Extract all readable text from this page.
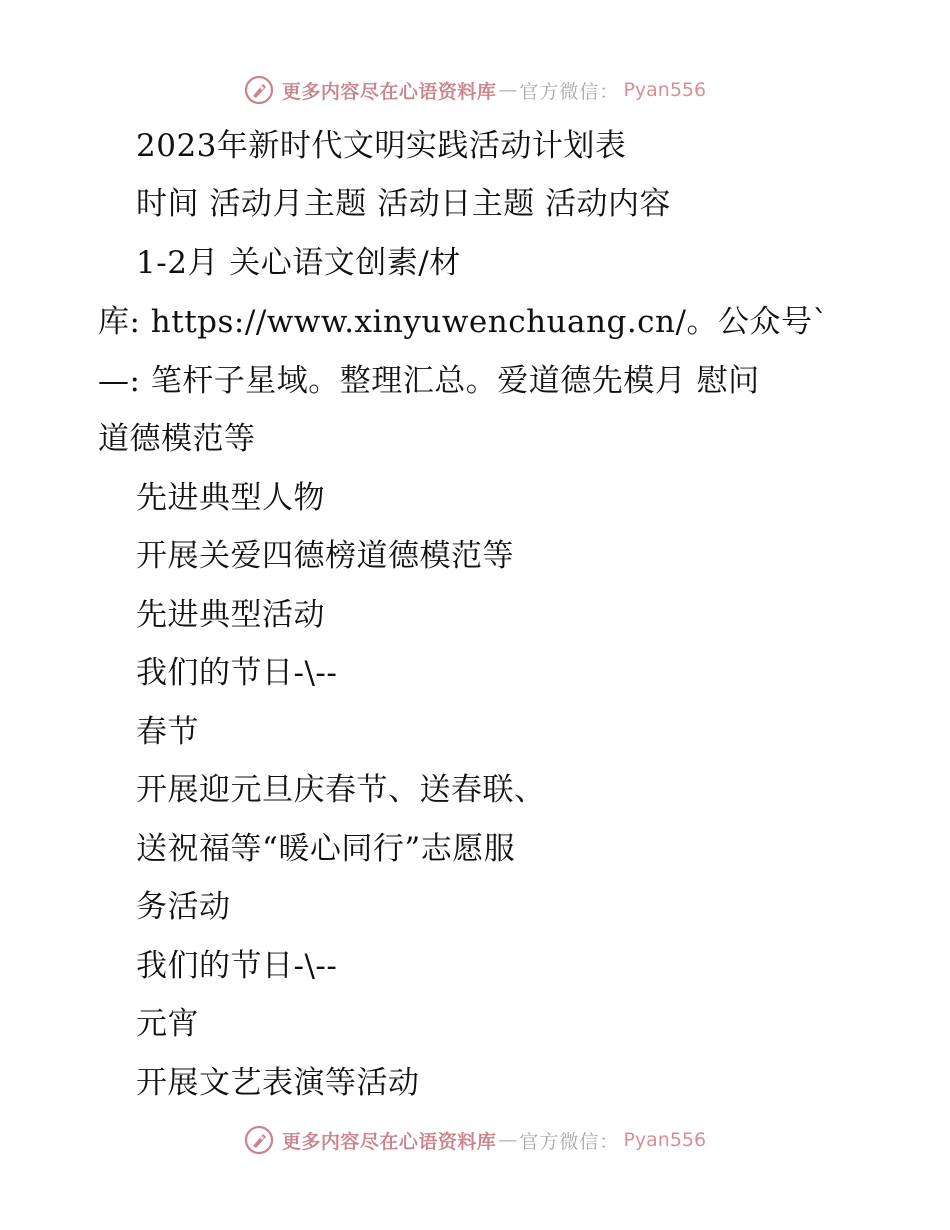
更多内容尽在心语资料库 — 官方微信： Pyan556
2023年新时代文明实践活动计划表
时间 活动月主题 活动日主题 活动内容
1-2月 关心语文创素/材
库: https://www.xinyuwenchuang.cn/。公众号`
—: 笔杆子星域。整理汇总。爱道德先模月 慰问
道德模范等
先进典型人物
开展关爱四德榜道德模范等
先进典型活动
我们的节日-\--
春节
开展迎元旦庆春节、送春联、
送祝福等“暖心同行”志愿服
务活动
我们的节日-\--
元宵
开展文艺表演等活动
更多内容尽在心语资料库 — 官方微信： Pyan556
